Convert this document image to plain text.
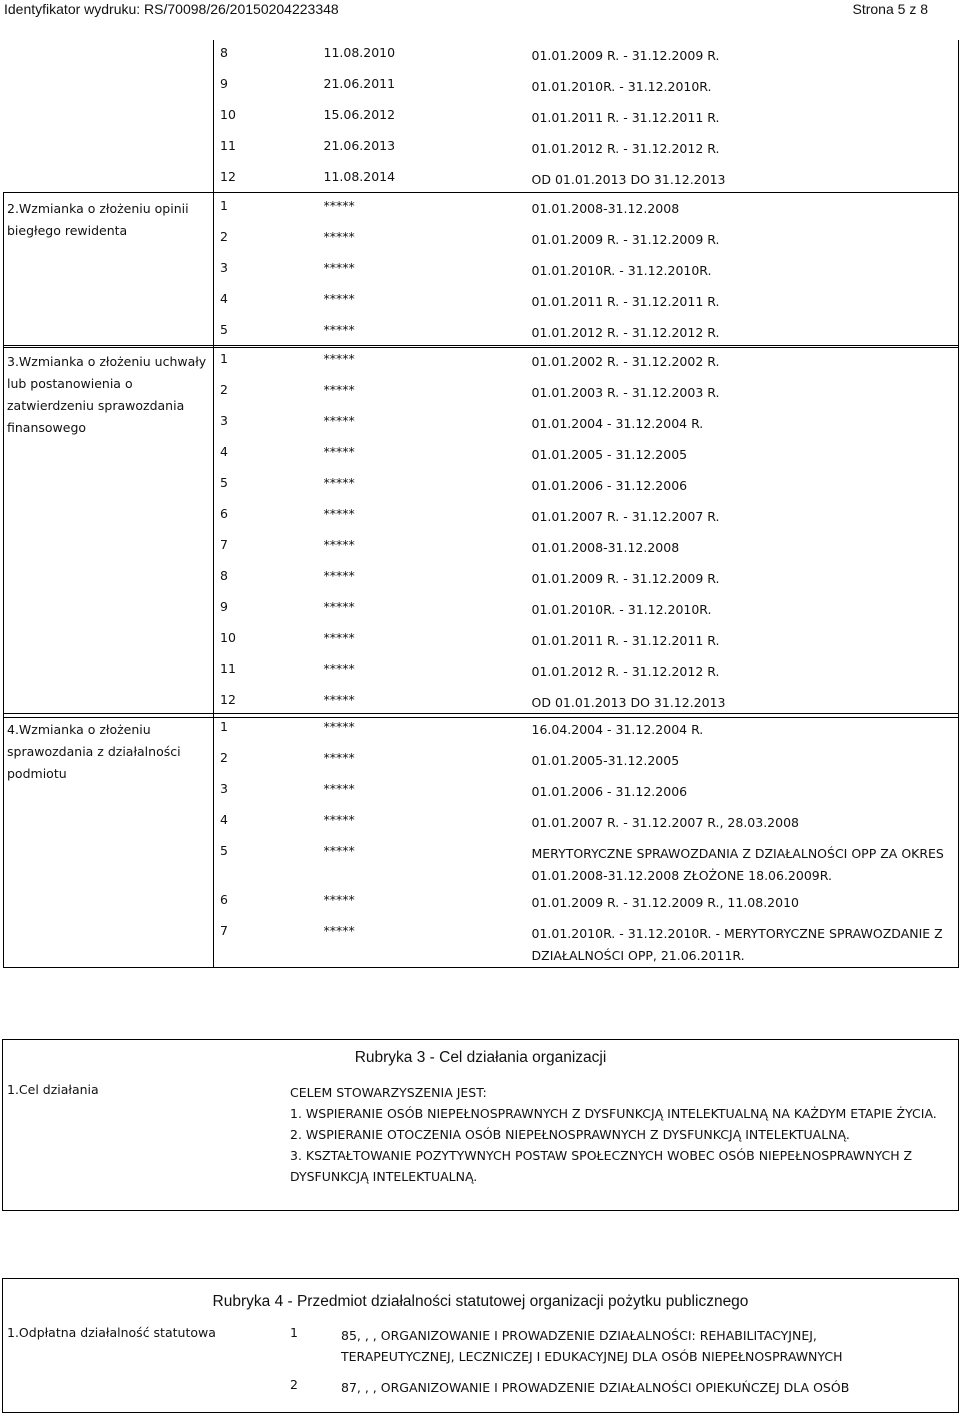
Identyfikator wydruku: RS/70098/26/20150204223348	Strona 5 z 8
8	11.08.2010	01.01.2009 R. - 31.12.2009 R.
9	21.06.2011	01.01.2010R. - 31.12.2010R.
10	15.06.2012	01.01.2011 R. - 31.12.2011 R.
11	21.06.2013	01.01.2012 R. - 31.12.2012 R.
12	11.08.2014	OD 01.01.2013 DO 31.12.2013
2.Wzmianka o złożeniu opinii biegłego rewidenta	1	*****	01.01.2008-31.12.2008
	2	*****	01.01.2009 R. - 31.12.2009 R.
	3	*****	01.01.2010R. - 31.12.2010R.
	4	*****	01.01.2011 R. - 31.12.2011 R.
	5	*****	01.01.2012 R. - 31.12.2012 R.
3.Wzmianka o złożeniu uchwały lub postanowienia o zatwierdzeniu sprawozdania finansowego	1	*****	01.01.2002 R. - 31.12.2002 R.
	2	*****	01.01.2003 R. - 31.12.2003 R.
	3	*****	01.01.2004 - 31.12.2004 R.
	4	*****	01.01.2005 - 31.12.2005
	5	*****	01.01.2006 - 31.12.2006
	6	*****	01.01.2007 R. - 31.12.2007 R.
	7	*****	01.01.2008-31.12.2008
	8	*****	01.01.2009 R. - 31.12.2009 R.
	9	*****	01.01.2010R. - 31.12.2010R.
	10	*****	01.01.2011 R. - 31.12.2011 R.
	11	*****	01.01.2012 R. - 31.12.2012 R.
	12	*****	OD 01.01.2013 DO 31.12.2013
4.Wzmianka o złożeniu sprawozdania z działalności podmiotu	1	*****	16.04.2004 - 31.12.2004 R.
	2	*****	01.01.2005-31.12.2005
	3	*****	01.01.2006 - 31.12.2006
	4	*****	01.01.2007 R. - 31.12.2007 R., 28.03.2008
	5	*****	MERYTORYCZNE SPRAWOZDANIA Z DZIAŁALNOŚCI OPP ZA OKRES 01.01.2008-31.12.2008 ZŁOŻONE 18.06.2009R.
	6	*****	01.01.2009 R. - 31.12.2009 R., 11.08.2010
	7	*****	01.01.2010R. - 31.12.2010R. - MERYTORYCZNE SPRAWOZDANIE Z DZIAŁALNOŚCI OPP, 21.06.2011R.
Rubryka 3 - Cel działania organizacji
1.Cel działania	CELEM STOWARZYSZENIA JEST:
1. WSPIERANIE OSÓB NIEPEŁNOSPRAWNYCH Z DYSFUNKCJĄ INTELEKTUALNĄ NA KAŻDYM ETAPIE ŻYCIA.
2. WSPIERANIE OTOCZENIA OSÓB NIEPEŁNOSPRAWNYCH Z DYSFUNKCJĄ INTELEKTUALNĄ.
3. KSZTAŁTOWANIE POZYTYWNYCH POSTAW SPOŁECZNYCH WOBEC OSÓB NIEPEŁNOSPRAWNYCH Z DYSFUNKCJĄ INTELEKTUALNĄ.
Rubryka 4 - Przedmiot działalności statutowej organizacji pożytku publicznego
1.Odpłatna działalność statutowa	1	85, , , ORGANIZOWANIE I PROWADZENIE DZIAŁALNOŚCI: REHABILITACYJNEJ, TERAPEUTYCZNEJ, LECZNICZEJ I EDUKACYJNEJ DLA OSÓB NIEPEŁNOSPRAWNYCH
2	87, , , ORGANIZOWANIE I PROWADZENIE DZIAŁALNOŚCI OPIEKUŃCZEJ DLA OSÓB
